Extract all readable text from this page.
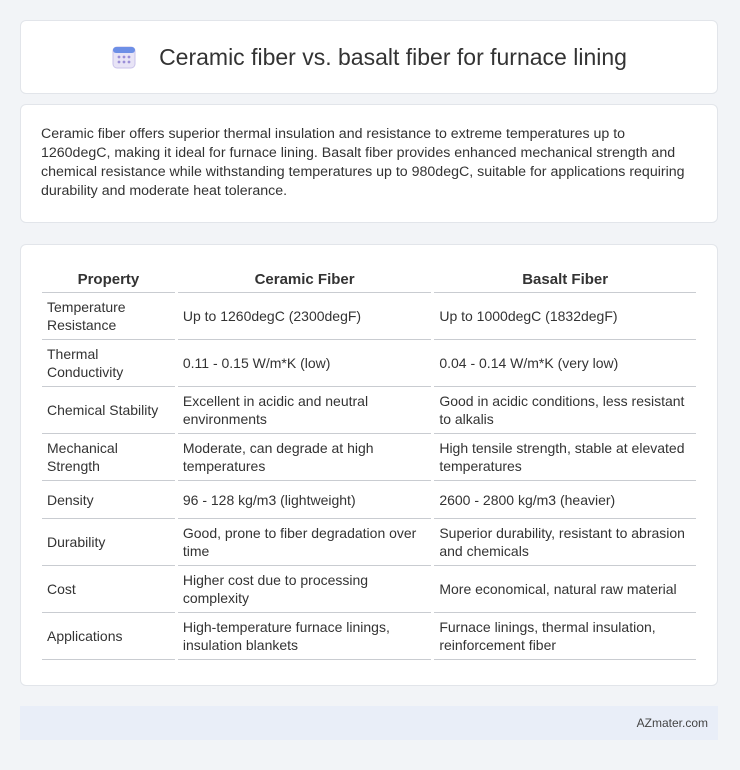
Ceramic fiber vs. basalt fiber for furnace lining

Ceramic fiber offers superior thermal insulation and resistance to extreme temperatures up to 1260degC, making it ideal for furnace lining. Basalt fiber provides enhanced mechanical strength and chemical resistance while withstanding temperatures up to 980degC, suitable for applications requiring durability and moderate heat tolerance.

Property	Ceramic Fiber	Basalt Fiber
Temperature Resistance	Up to 1260degC (2300degF)	Up to 1000degC (1832degF)
Thermal Conductivity	0.11 - 0.15 W/m*K (low)	0.04 - 0.14 W/m*K (very low)
Chemical Stability	Excellent in acidic and neutral environments	Good in acidic conditions, less resistant to alkalis
Mechanical Strength	Moderate, can degrade at high temperatures	High tensile strength, stable at elevated temperatures
Density	96 - 128 kg/m3 (lightweight)	2600 - 2800 kg/m3 (heavier)
Durability	Good, prone to fiber degradation over time	Superior durability, resistant to abrasion and chemicals
Cost	Higher cost due to processing complexity	More economical, natural raw material
Applications	High-temperature furnace linings, insulation blankets	Furnace linings, thermal insulation, reinforcement fiber
AZmater.com
